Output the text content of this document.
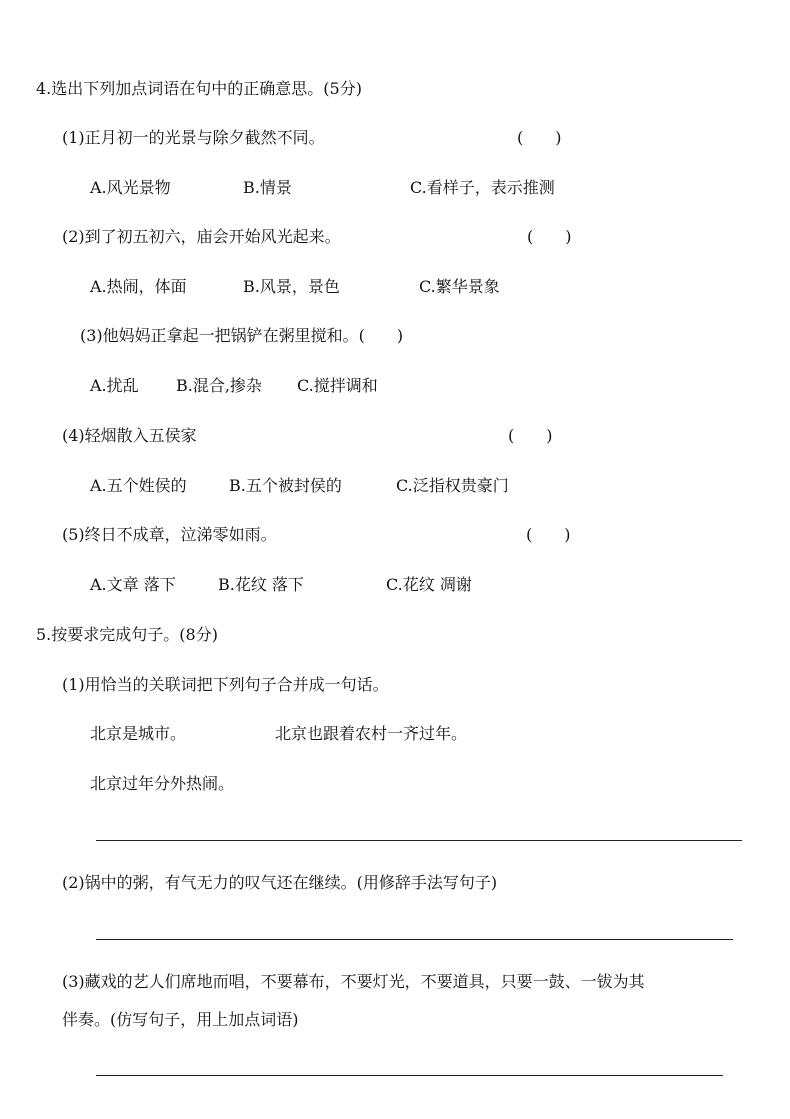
4.选出下列加点词语在句中的正确意思。(5分)
(1)正月初一的光景与除夕截然不同。	(　　)
A.风光景物	B.情景	C.看样子，表示推测
(2)到了初五初六，庙会开始风光起来。	(　　)
A.热闹，体面	B.风景，景色	C.繁华景象
(3)他妈妈正拿起一把锅铲在粥里搅和。(　　)
A.扰乱 B.混合,掺杂 C.搅拌调和
(4)轻烟散入五侯家	(　　)
A.五个姓侯的	B.五个被封侯的	C.泛指权贵豪门
(5)终日不成章，泣涕零如雨。	(　　)
A.文章 落下	B.花纹 落下	C.花纹 凋谢
5.按要求完成句子。(8分)
(1)用恰当的关联词把下列句子合并成一句话。
北京是城市。	北京也跟着农村一齐过年。
北京过年分外热闹。
(2)锅中的粥，有气无力的叹气还在继续。(用修辞手法写句子)
(3)藏戏的艺人们席地而唱，不要幕布，不要灯光，不要道具，只要一鼓、一钹为其
伴奏。(仿写句子，用上加点词语)
